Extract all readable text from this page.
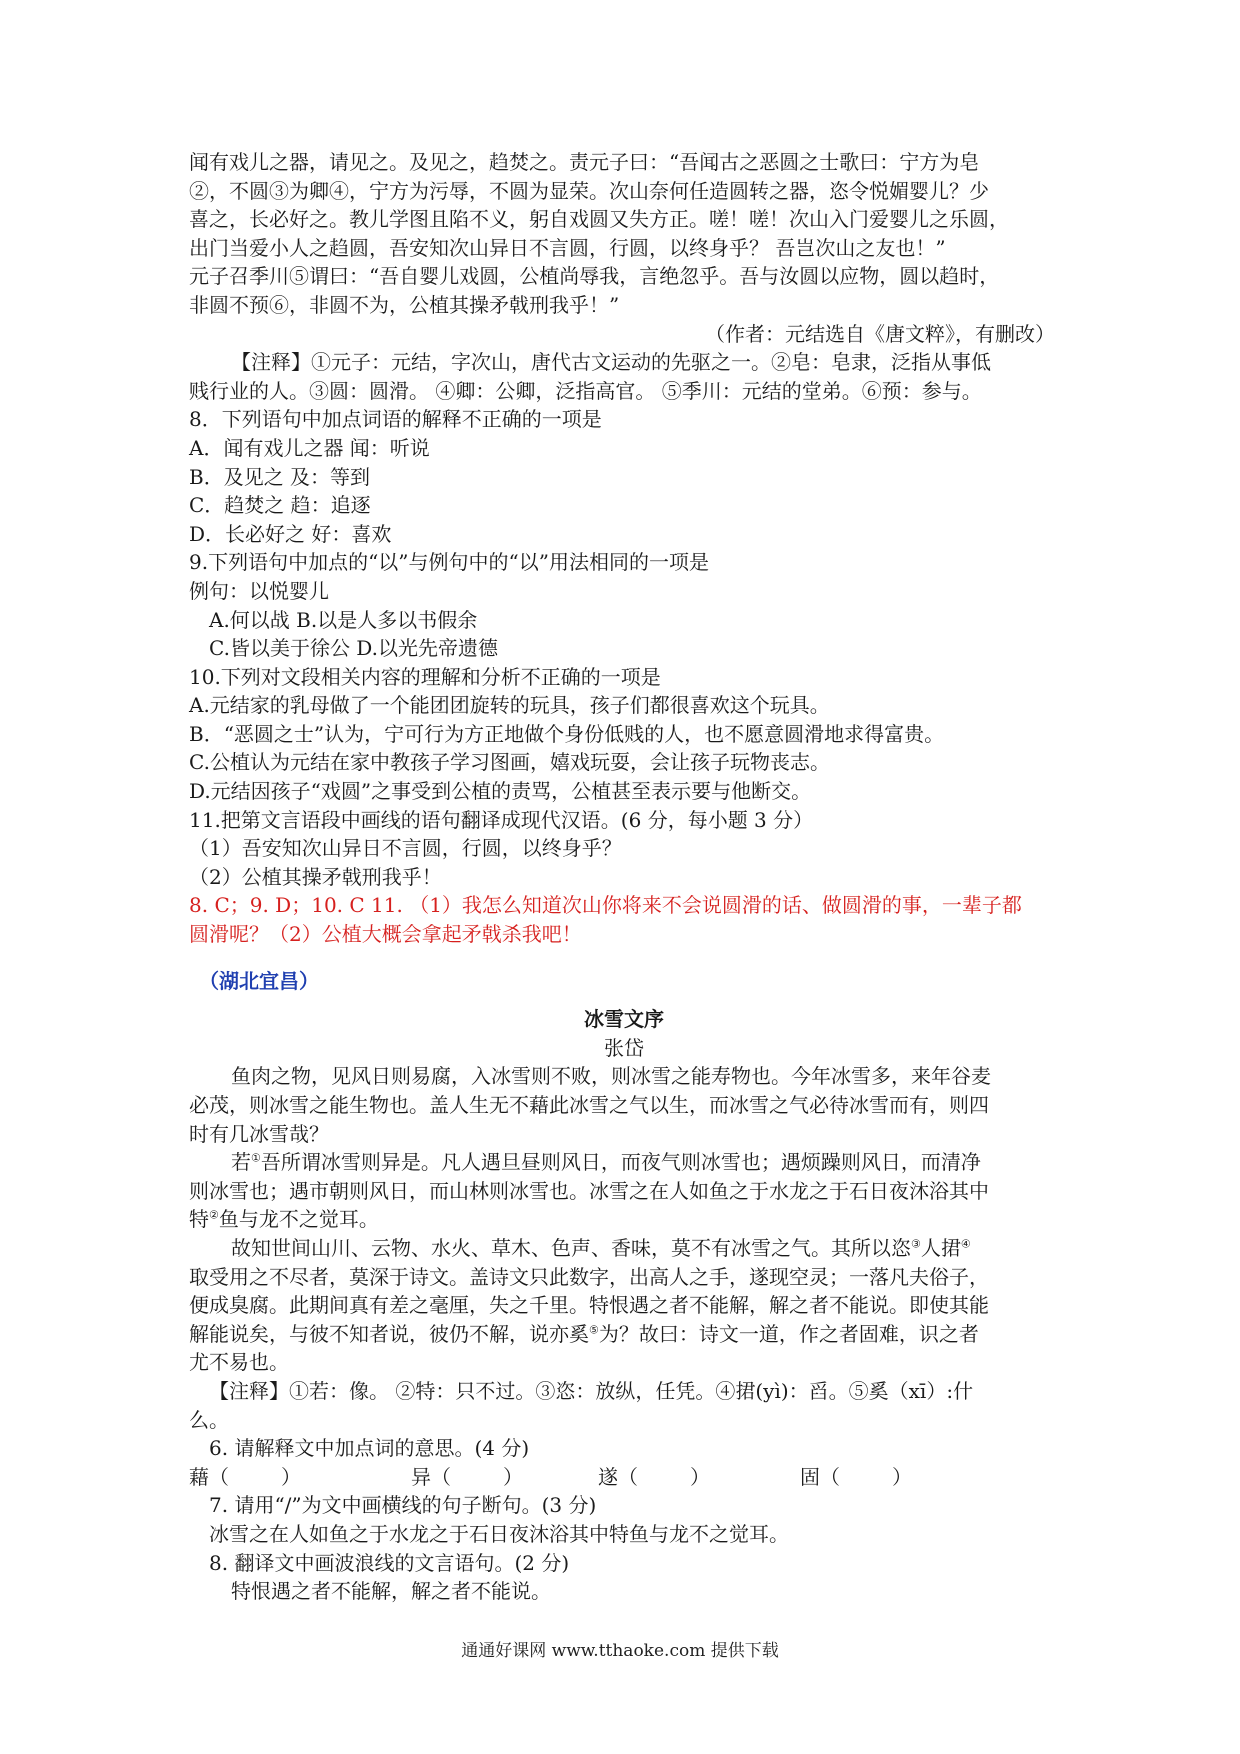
闻有戏儿之器，请见之。及见之，趋焚之。责元子曰：“吾闻古之恶圆之士歌曰：宁方为皂
②，不圆③为卿④，宁方为污辱，不圆为显荣。次山奈何任造圆转之器，恣令悦媚婴儿？少
喜之，长必好之。教儿学图且陷不义，躬自戏圆又失方正。嗟！嗟！次山入门爱婴儿之乐圆，
出门当爱小人之趋圆，吾安知次山异日不言圆，行圆，以终身乎？ 吾岂次山之友也！”
元子召季川⑤谓曰：“吾自婴儿戏圆，公植尚辱我，言绝忽乎。吾与汝圆以应物，圆以趋时，
非圆不预⑥，非圆不为，公植其操矛戟刑我乎！”
（作者：元结选自《唐文粹》，有删改）
【注释】①元子：元结，字次山，唐代古文运动的先驱之一。②皂：皂隶，泛指从事低
贱行业的人。③圆：圆滑。 ④卿：公卿，泛指高官。 ⑤季川：元结的堂弟。⑥预：参与。
8．下列语句中加点词语的解释不正确的一项是
A．闻有戏儿之器 闻：听说
B．及见之 及：等到
C．趋焚之 趋：追逐
D．长必好之 好：喜欢
9.下列语句中加点的“以”与例句中的“以”用法相同的一项是
例句：以悦婴儿
A.何以战 B.以是人多以书假余
C.皆以美于徐公 D.以光先帝遗德
10.下列对文段相关内容的理解和分析不正确的一项是
A.元结家的乳母做了一个能团团旋转的玩具，孩子们都很喜欢这个玩具。
B．“恶圆之士”认为，宁可行为方正地做个身份低贱的人，也不愿意圆滑地求得富贵。
C.公植认为元结在家中教孩子学习图画，嬉戏玩耍，会让孩子玩物丧志。
D.元结因孩子“戏圆”之事受到公植的责骂，公植甚至表示要与他断交。
11.把第文言语段中画线的语句翻译成现代汉语。(6 分，每小题 3 分）
（1）吾安知次山异日不言圆，行圆，以终身乎？
（2）公植其操矛戟刑我乎！
8. C；9. D；10. C 11. （1）我怎么知道次山你将来不会说圆滑的话、做圆滑的事，一辈子都
圆滑呢？（2）公植大概会拿起矛戟杀我吧！
（湖北宜昌）
冰雪文序
张岱
鱼肉之物，见风日则易腐，入冰雪则不败，则冰雪之能寿物也。今年冰雪多，来年谷麦
必茂，则冰雪之能生物也。盖人生无不藉此冰雪之气以生，而冰雪之气必待冰雪而有，则四
时有几冰雪哉？
若①吾所谓冰雪则异是。凡人遇旦昼则风日，而夜气则冰雪也；遇烦躁则风日，而清净
则冰雪也；遇市朝则风日，而山林则冰雪也。冰雪之在人如鱼之于水龙之于石日夜沐浴其中
特②鱼与龙不之觉耳。
故知世间山川、云物、水火、草木、色声、香味，莫不有冰雪之气。其所以恣③人捃④
取受用之不尽者，莫深于诗文。盖诗文只此数字，出高人之手，遂现空灵；一落凡夫俗子，
便成臭腐。此期间真有差之毫厘，失之千里。特恨遇之者不能解，解之者不能说。即使其能
解能说矣，与彼不知者说，彼仍不解，说亦奚⑤为？故曰：诗文一道，作之者固难，识之者
尤不易也。
【注释】①若：像。 ②特：只不过。③恣：放纵，任凭。④捃(yì)：舀。⑤奚（xī）:什
么。
6. 请解释文中加点词的意思。(4 分)
藉（	）	异（	）	遂（	）	固（	）
7. 请用“/”为文中画横线的句子断句。(3 分)
冰雪之在人如鱼之于水龙之于石日夜沐浴其中特鱼与龙不之觉耳。
8. 翻译文中画波浪线的文言语句。(2 分)
特恨遇之者不能解，解之者不能说。
通通好课网 www.tthaoke.com 提供下载
